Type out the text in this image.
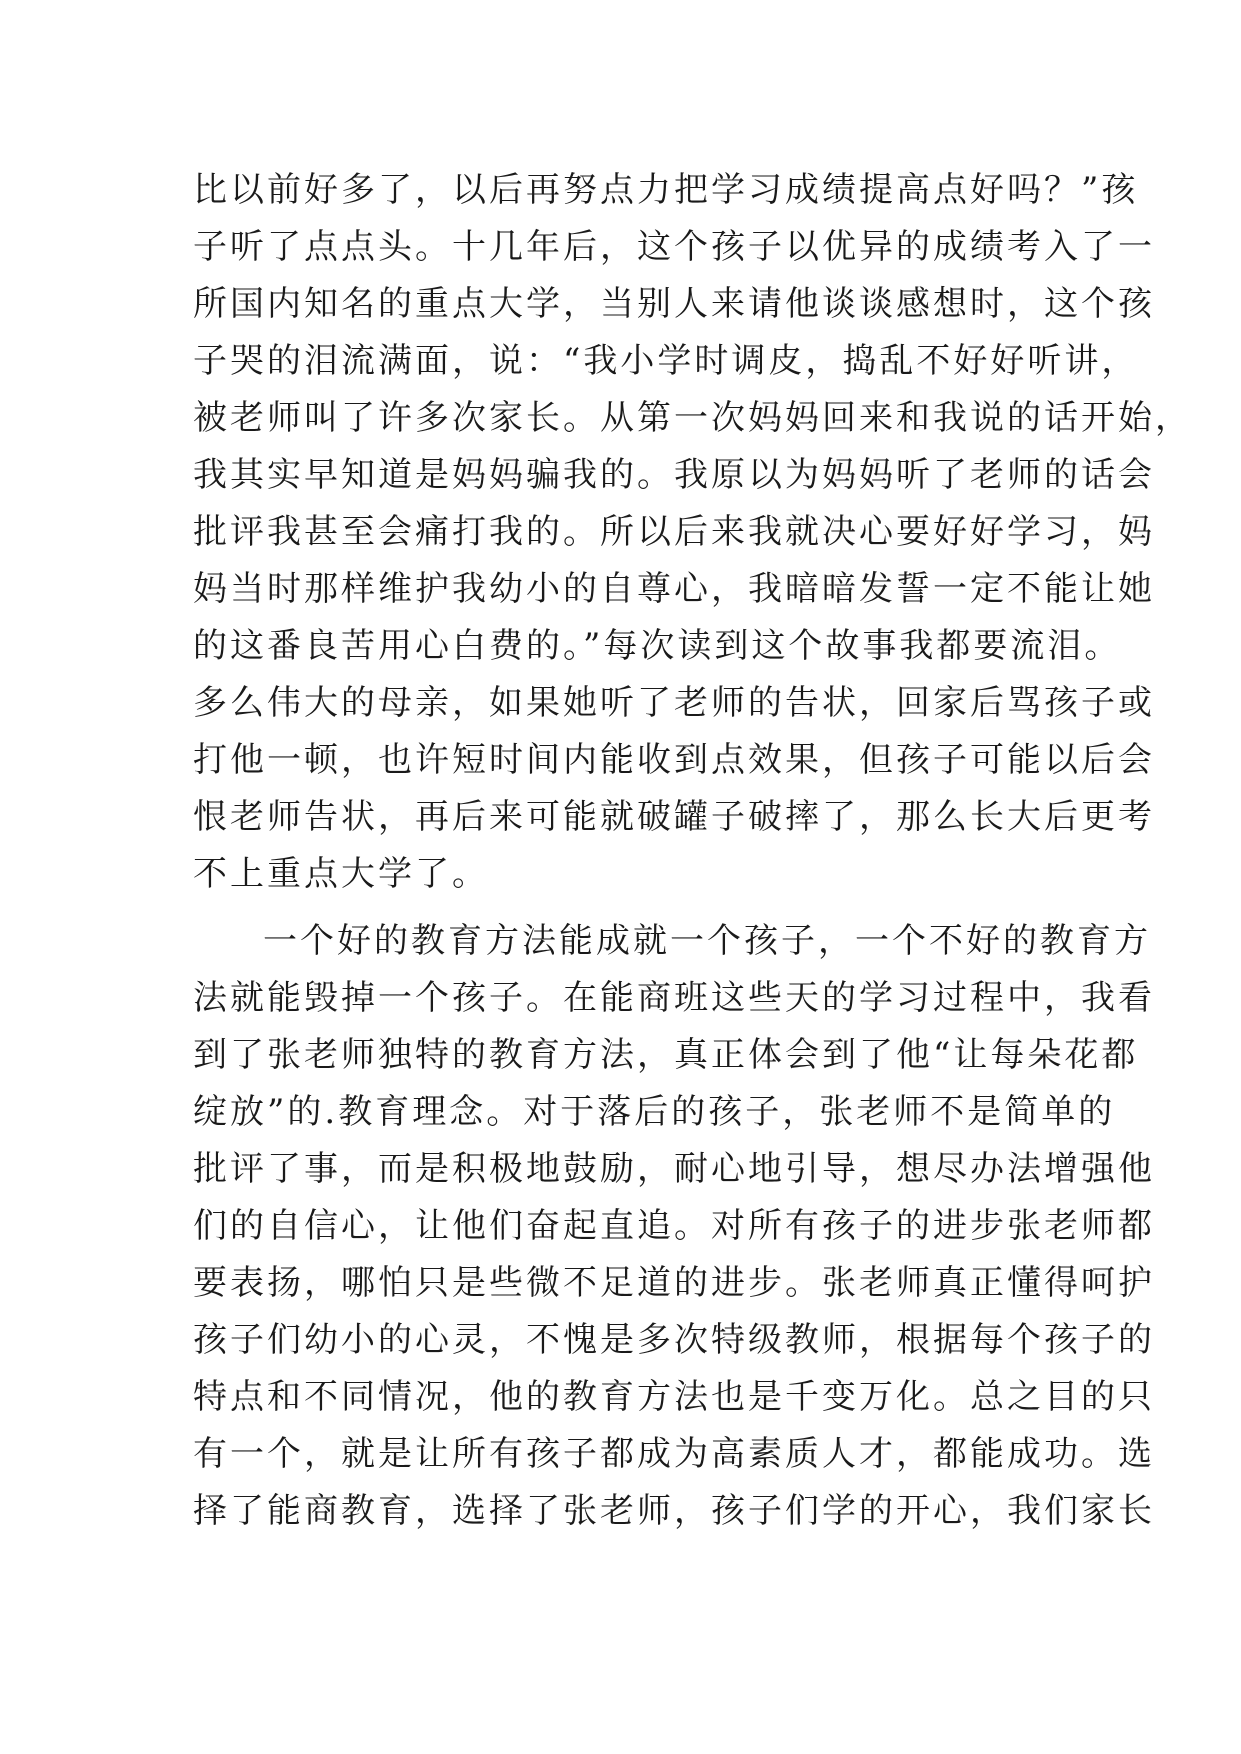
比以前好多了，以后再努点力把学习成绩提高点好吗？”孩
子听了点点头。十几年后，这个孩子以优异的成绩考入了一
所国内知名的重点大学，当别人来请他谈谈感想时，这个孩
子哭的泪流满面，说：“我小学时调皮，捣乱不好好听讲，
被老师叫了许多次家长。从第一次妈妈回来和我说的话开始，
我其实早知道是妈妈骗我的。我原以为妈妈听了老师的话会
批评我甚至会痛打我的。所以后来我就决心要好好学习，妈
妈当时那样维护我幼小的自尊心，我暗暗发誓一定不能让她
的这番良苦用心白费的。”每次读到这个故事我都要流泪。
多么伟大的母亲，如果她听了老师的告状，回家后骂孩子或
打他一顿，也许短时间内能收到点效果，但孩子可能以后会
恨老师告状，再后来可能就破罐子破摔了，那么长大后更考
不上重点大学了。
一个好的教育方法能成就一个孩子，一个不好的教育方
法就能毁掉一个孩子。在能商班这些天的学习过程中，我看
到了张老师独特的教育方法，真正体会到了他“让每朵花都
绽放”的.教育理念。对于落后的孩子，张老师不是简单的
批评了事，而是积极地鼓励，耐心地引导，想尽办法增强他
们的自信心，让他们奋起直追。对所有孩子的进步张老师都
要表扬，哪怕只是些微不足道的进步。张老师真正懂得呵护
孩子们幼小的心灵，不愧是多次特级教师，根据每个孩子的
特点和不同情况，他的教育方法也是千变万化。总之目的只
有一个，就是让所有孩子都成为高素质人才，都能成功。选
择了能商教育，选择了张老师，孩子们学的开心，我们家长
